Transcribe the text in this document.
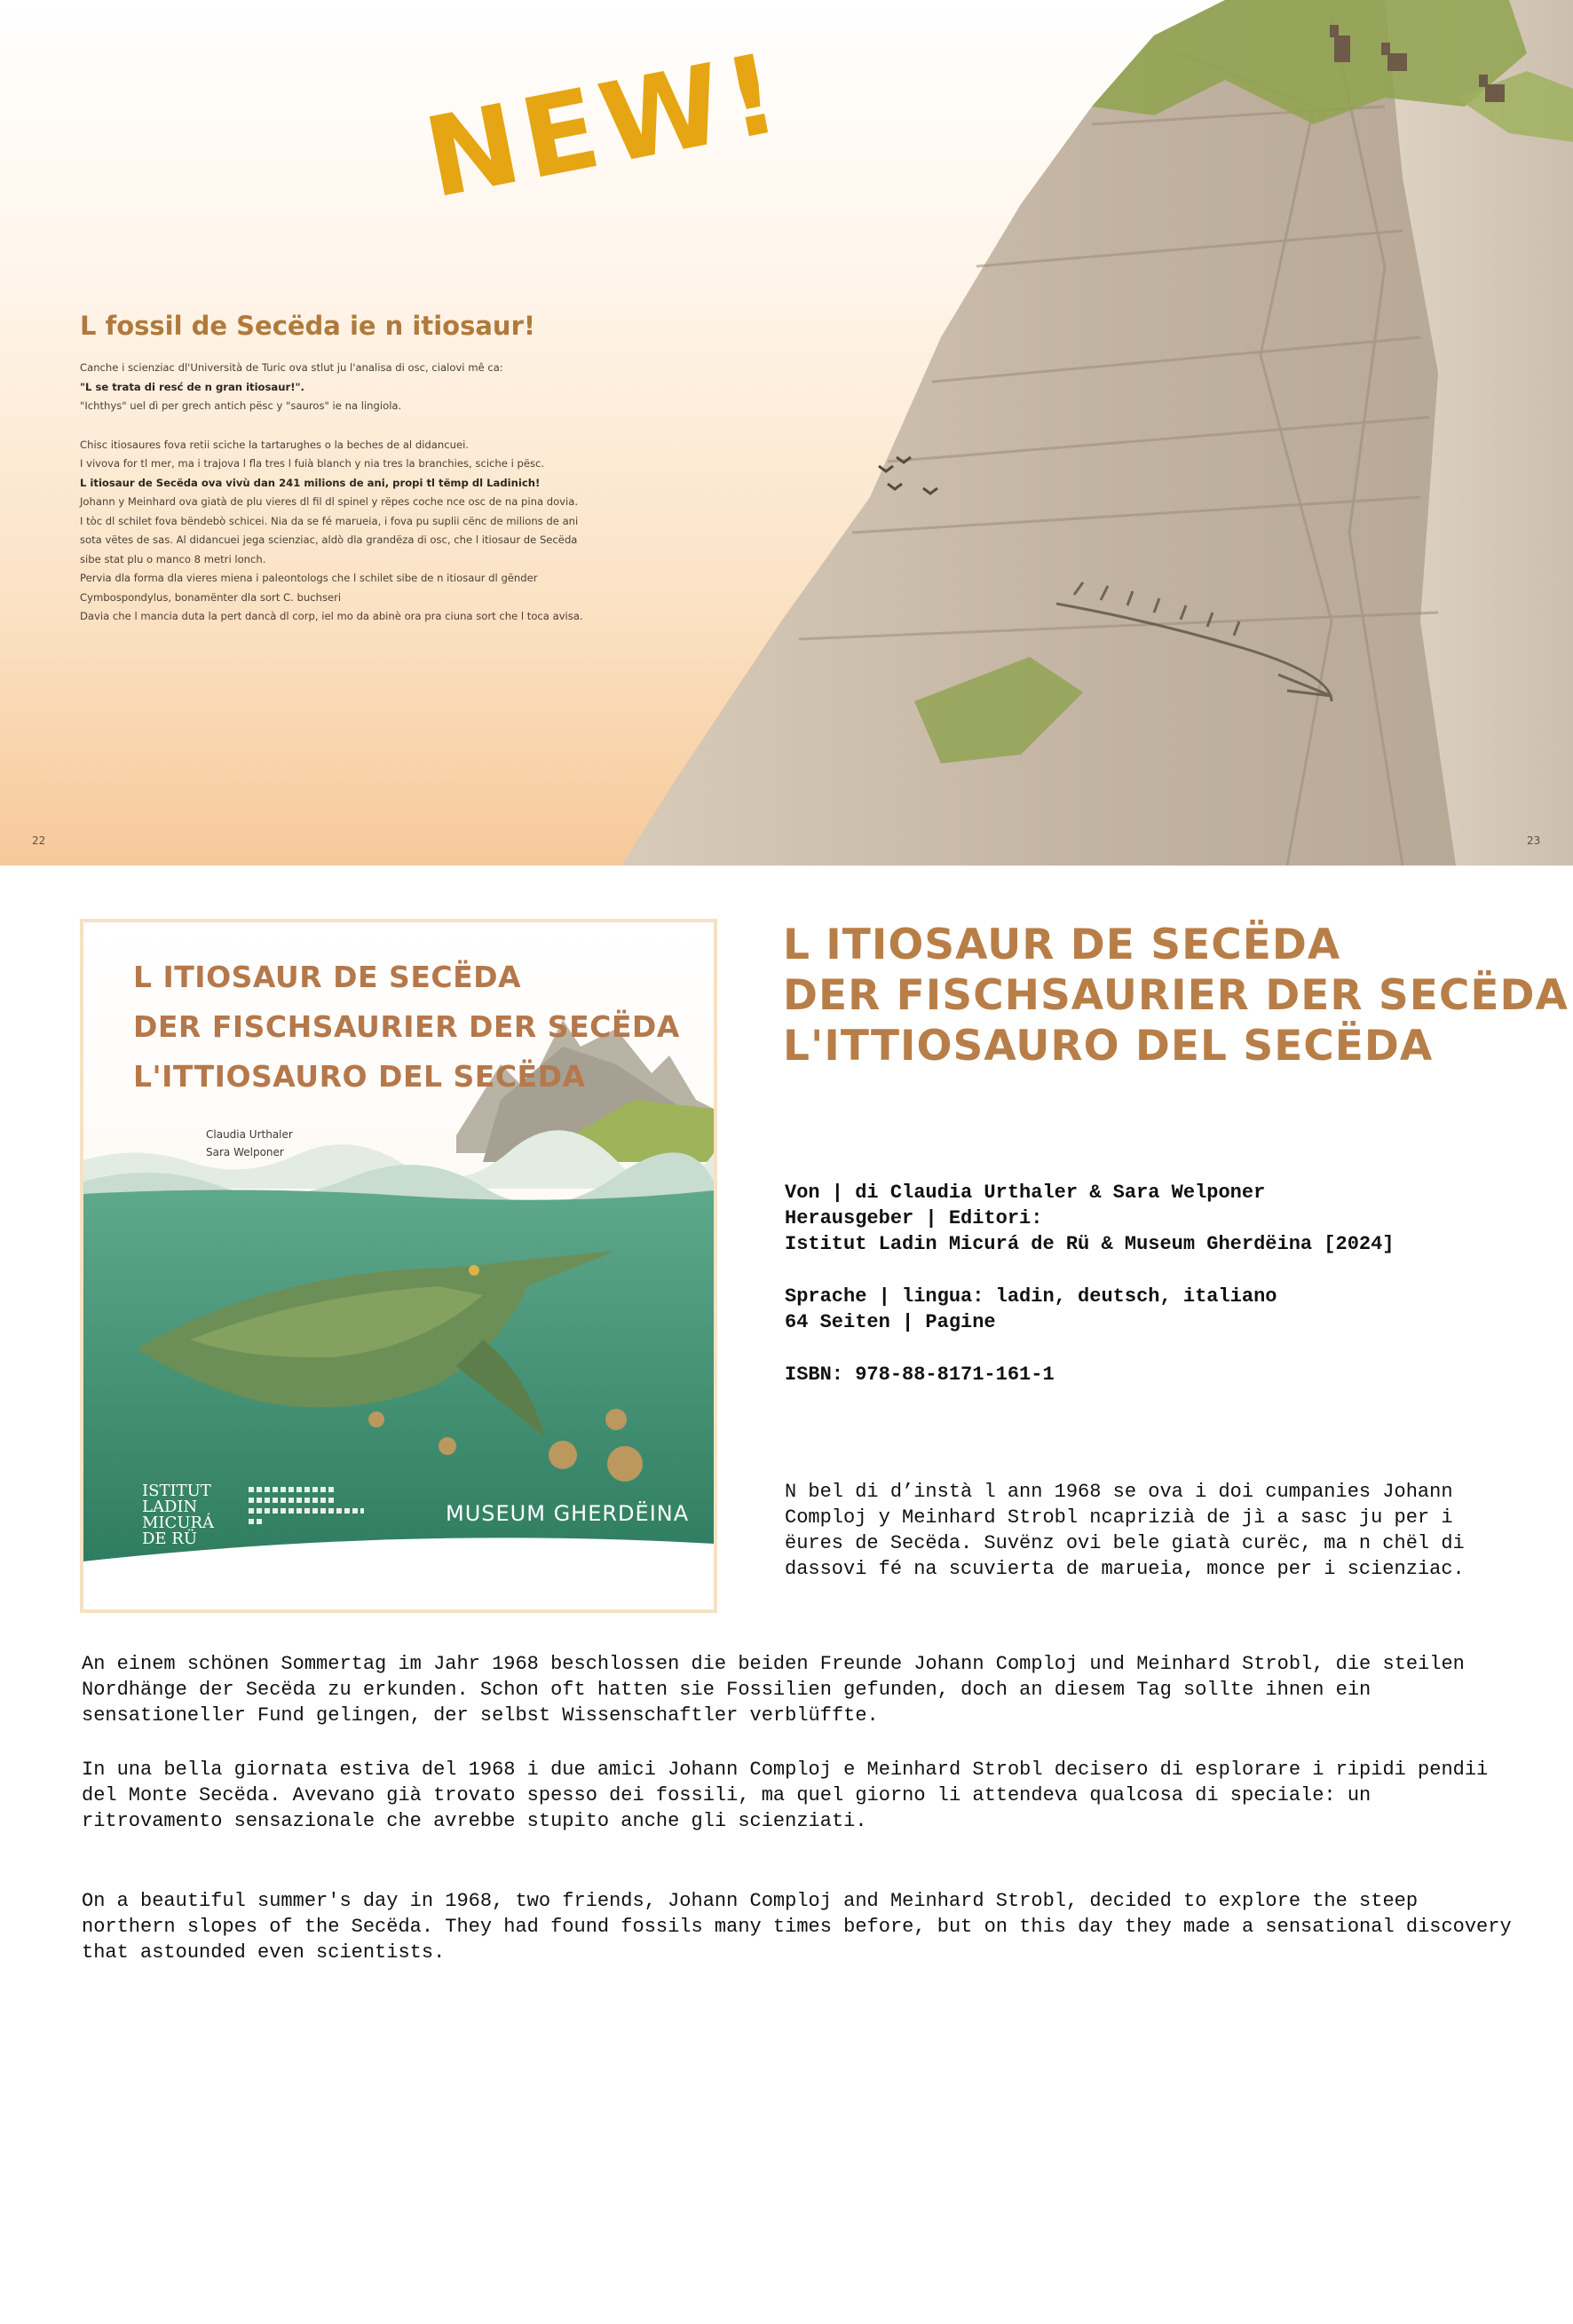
NEW!
L fossil de Secëda ie n itiosaur!

Canche i scienziac dl'Università de Turic ova stlut ju l'analisa di osc, cialovi mê ca:

"L se trata di resć de n gran itiosaur!".

"Ichthys" uel dì per grech antich pësc y "sauros" ie na lingiola.

Chisc itiosaures fova retii sciche la tartarughes o la beches de al didancuei.

I vivova for tl mer, ma i trajova l fla tres l fuià blanch y nia tres la branchies, sciche i pësc.

L itiosaur de Secëda ova vivù dan 241 milions de ani, propi tl tëmp dl Ladinich!

Johann y Meinhard ova giatà de plu vieres dl fil dl spinel y rëpes coche nce osc de na pina dovia.

I tòc dl schilet fova bëndebò schicei. Nia da se fé marueia, i fova pu suplii cënc de milions de ani

sota vëtes de sas. Al didancuei jega scienziac, aldò dla grandëza di osc, che l itiosaur de Secëda

sibe stat plu o manco 8 metri lonch.

Pervia dla forma dla vieres miena i paleontologs che l schilet sibe de n itiosaur dl gënder

Cymbospondylus, bonamënter dla sort C. buchseri

Davia che l mancia duta la pert dancà dl corp, iel mo da abinè ora pra ciuna sort che l toca avisa.

22	23
L ITIOSAUR DE SECËDA
DER FISCHSAURIER DER SECËDA
L'ITTIOSAURO DEL SECËDA
Claudia Urthaler
Sara Welponer
ISTITUT
LADIN
MICURÁ
DE RÜ
MUSEUM GHERDËINA
L ITIOSAUR DE SECËDA
DER FISCHSAURIER DER SECËDA
L'ITTIOSAURO DEL SECËDA
Von | di Claudia Urthaler & Sara Welponer
Herausgeber | Editori:
Istitut Ladin Micurá de Rü & Museum Gherdëina [2024]
Sprache | lingua: ladin, deutsch, italiano
64 Seiten | Pagine
ISBN: 978-88-8171-161-1

N bel di d’instà l ann 1968 se ova i doi cumpanies Johann Comploj y Meinhard Strobl ncaprizià de jì a sasc ju per i ëures de Secëda. Suvënz ovi bele giatà curëc, ma n chël di dassovi fé na scuvierta de marueia, monce per i scienziac.

An einem schönen Sommertag im Jahr 1968 beschlossen die beiden Freunde Johann Comploj und Meinhard Strobl, die steilen Nordhänge der Secëda zu erkunden. Schon oft hatten sie Fossilien gefunden, doch an diesem Tag sollte ihnen ein sensationeller Fund gelingen, der selbst Wissenschaftler verblüffte.

In una bella giornata estiva del 1968 i due amici Johann Comploj e Meinhard Strobl decisero di esplorare i ripidi pendii del Monte Secëda. Avevano già trovato spesso dei fossili, ma quel giorno li attendeva qualcosa di speciale: un ritrovamento sensazionale che avrebbe stupito anche gli scienziati.

On a beautiful summer's day in 1968, two friends, Johann Comploj and Meinhard Strobl, decided to explore the steep northern slopes of the Secëda. They had found fossils many times before, but on this day they made a sensational discovery that astounded even scientists.
